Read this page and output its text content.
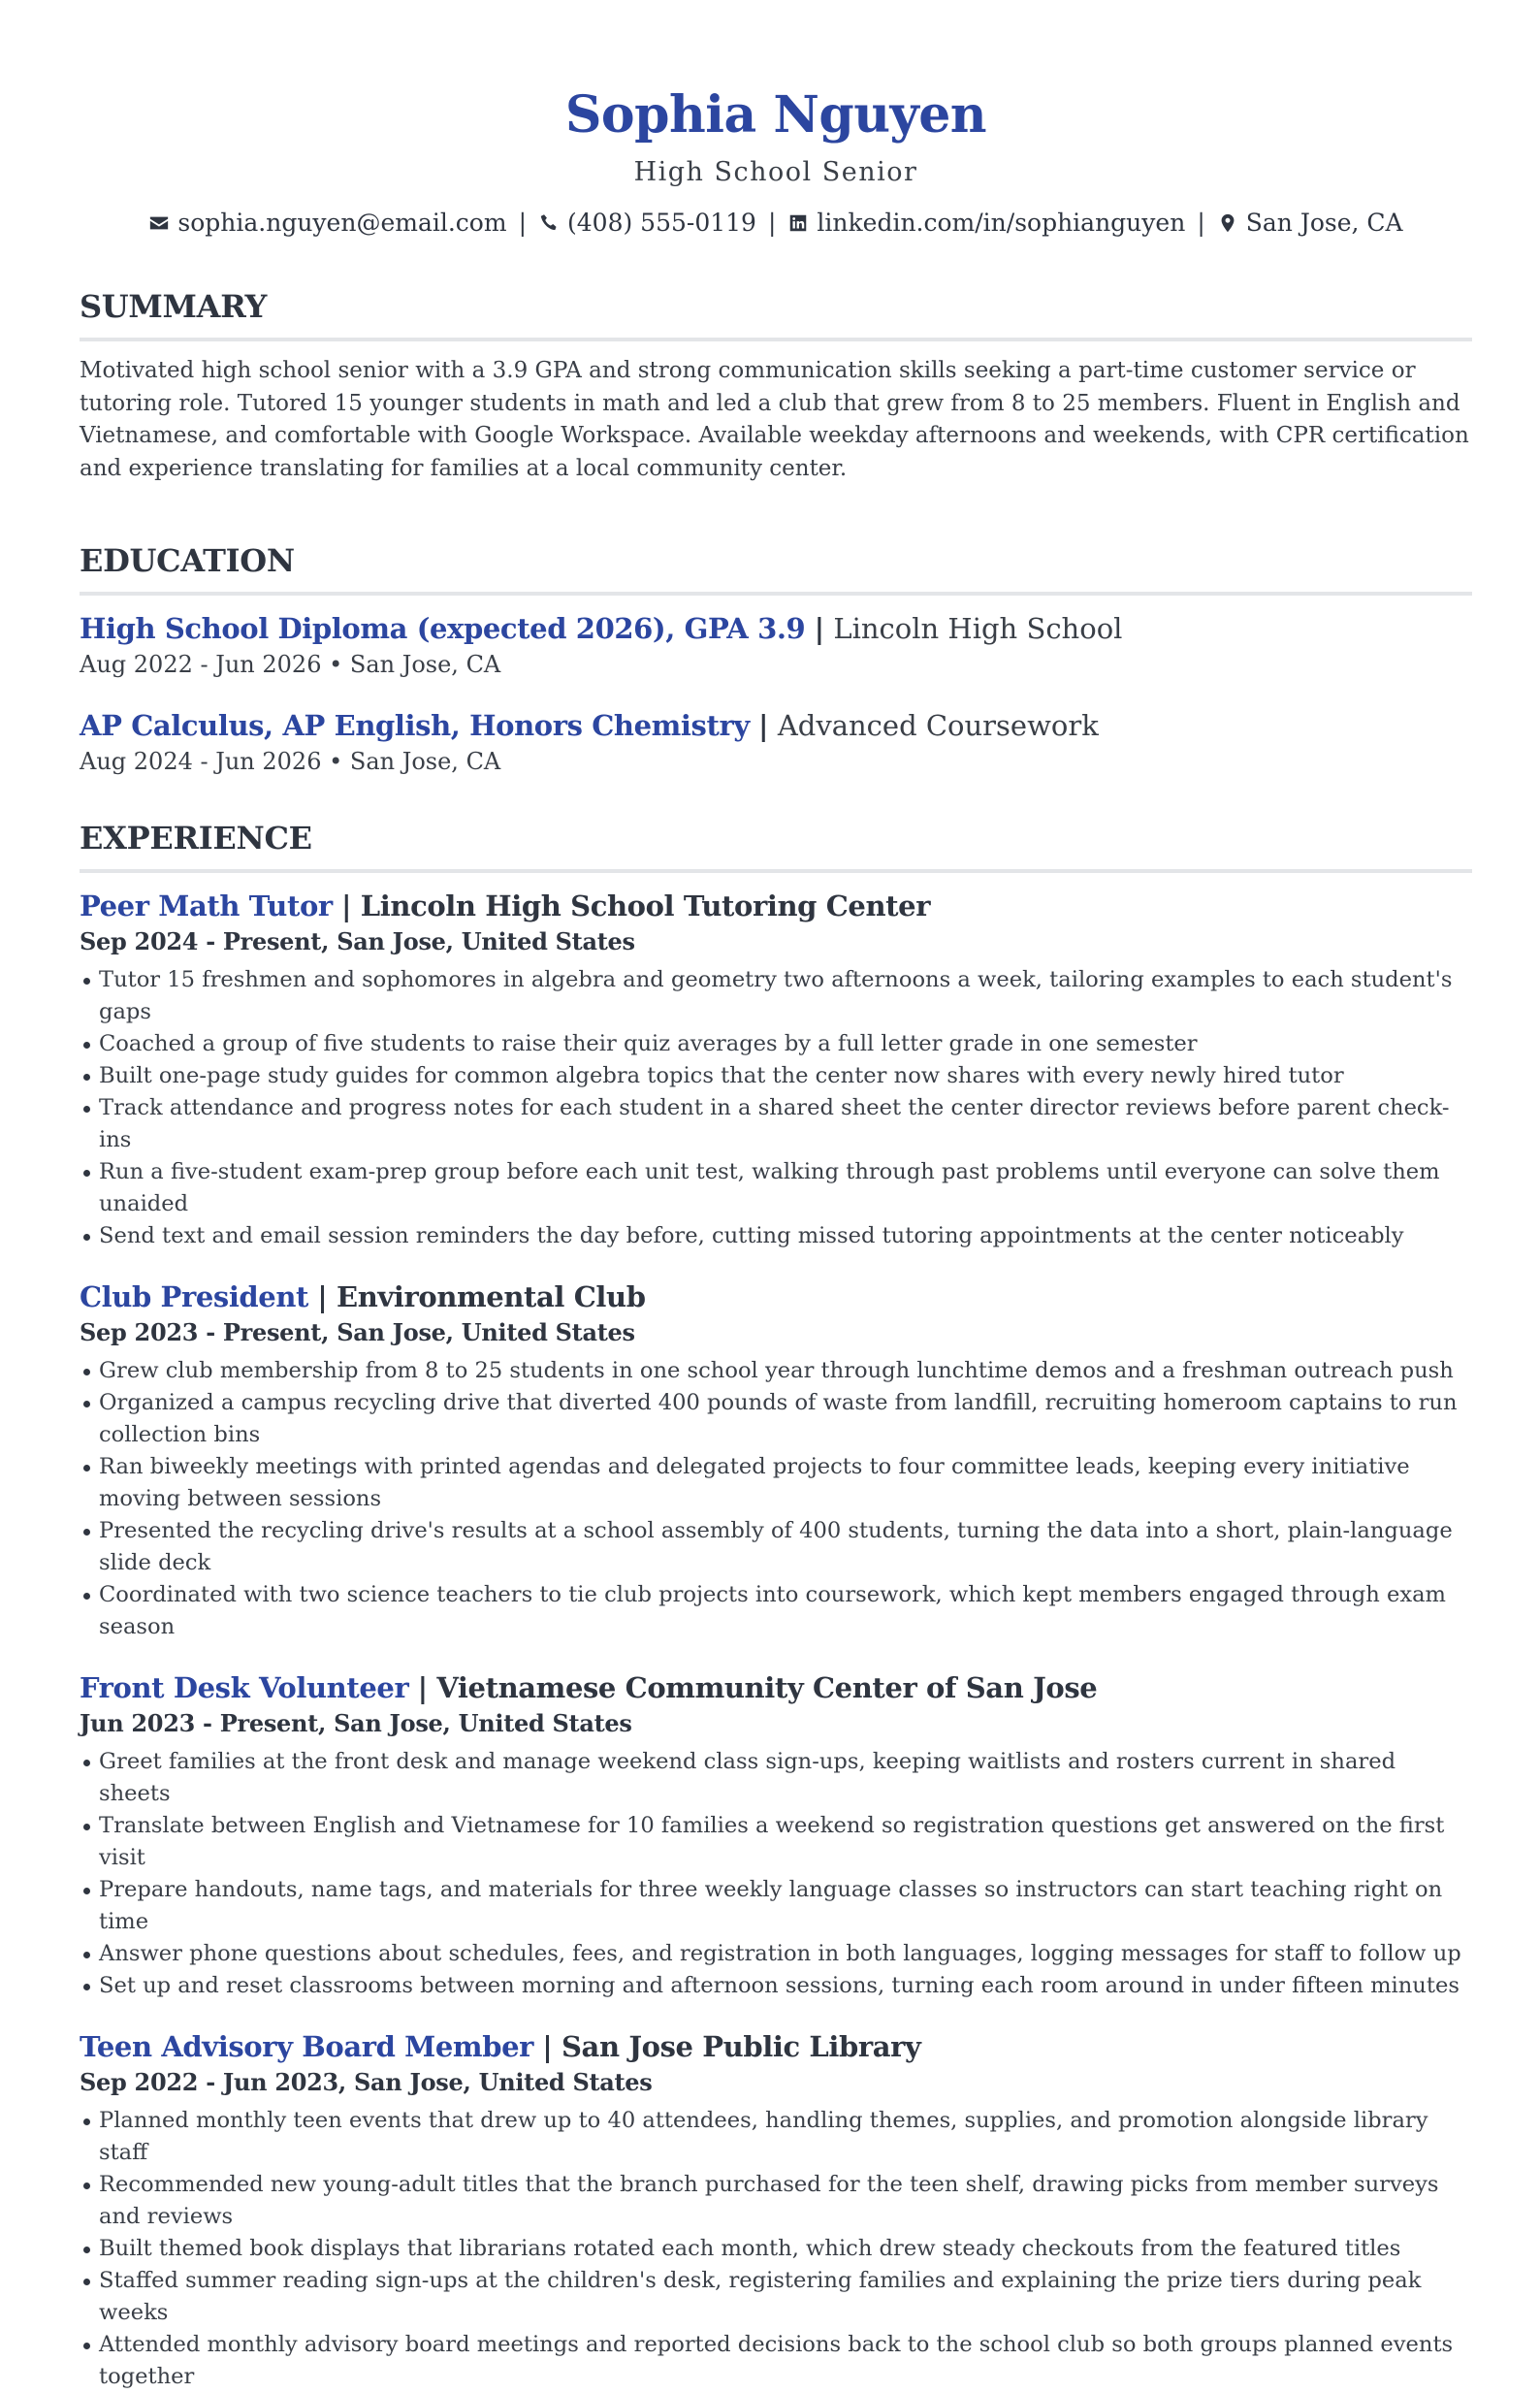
Sophia Nguyen
High School Senior
sophia.nguyen@email.com | (408) 555-0119 | linkedin.com/in/sophianguyen | San Jose, CA
SUMMARY

Motivated high school senior with a 3.9 GPA and strong communication skills seeking a part-time customer service or tutoring role. Tutored 15 younger students in math and led a club that grew from 8 to 25 members. Fluent in English and Vietnamese, and comfortable with Google Workspace. Available weekday afternoons and weekends, with CPR certification and experience translating for families at a local community center.

EDUCATION
High School Diploma (expected 2026), GPA 3.9 | Lincoln High School
Aug 2022 - Jun 2026 • San Jose, CA
AP Calculus, AP English, Honors Chemistry | Advanced Coursework
Aug 2024 - Jun 2026 • San Jose, CA
EXPERIENCE
Peer Math Tutor | Lincoln High School Tutoring Center
Sep 2024 - Present, San Jose, United States
Tutor 15 freshmen and sophomores in algebra and geometry two afternoons a week, tailoring examples to each student's gaps
Coached a group of five students to raise their quiz averages by a full letter grade in one semester
Built one-page study guides for common algebra topics that the center now shares with every newly hired tutor
Track attendance and progress notes for each student in a shared sheet the center director reviews before parent check-ins
Run a five-student exam-prep group before each unit test, walking through past problems until everyone can solve them unaided
Send text and email session reminders the day before, cutting missed tutoring appointments at the center noticeably
Club President | Environmental Club
Sep 2023 - Present, San Jose, United States
Grew club membership from 8 to 25 students in one school year through lunchtime demos and a freshman outreach push
Organized a campus recycling drive that diverted 400 pounds of waste from landfill, recruiting homeroom captains to run collection bins
Ran biweekly meetings with printed agendas and delegated projects to four committee leads, keeping every initiative moving between sessions
Presented the recycling drive's results at a school assembly of 400 students, turning the data into a short, plain-language slide deck
Coordinated with two science teachers to tie club projects into coursework, which kept members engaged through exam season
Front Desk Volunteer | Vietnamese Community Center of San Jose
Jun 2023 - Present, San Jose, United States
Greet families at the front desk and manage weekend class sign-ups, keeping waitlists and rosters current in shared sheets
Translate between English and Vietnamese for 10 families a weekend so registration questions get answered on the first visit
Prepare handouts, name tags, and materials for three weekly language classes so instructors can start teaching right on time
Answer phone questions about schedules, fees, and registration in both languages, logging messages for staff to follow up
Set up and reset classrooms between morning and afternoon sessions, turning each room around in under fifteen minutes
Teen Advisory Board Member | San Jose Public Library
Sep 2022 - Jun 2023, San Jose, United States
Planned monthly teen events that drew up to 40 attendees, handling themes, supplies, and promotion alongside library staff
Recommended new young-adult titles that the branch purchased for the teen shelf, drawing picks from member surveys and reviews
Built themed book displays that librarians rotated each month, which drew steady checkouts from the featured titles
Staffed summer reading sign-ups at the children's desk, registering families and explaining the prize tiers during peak weeks
Attended monthly advisory board meetings and reported decisions back to the school club so both groups planned events together
